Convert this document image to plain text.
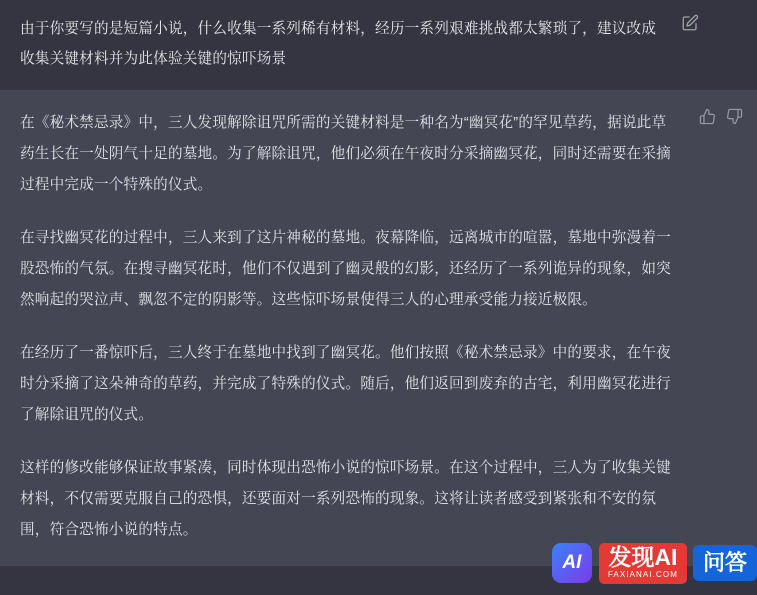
由于你要写的是短篇小说，什么收集一系列稀有材料，经历一系列艰难挑战都太繁琐了，建议改成收集关键材料并为此体验关键的惊吓场景

在《秘术禁忌录》中，三人发现解除诅咒所需的关键材料是一种名为“幽冥花”的罕见草药，据说此草药生长在一处阴气十足的墓地。为了解除诅咒，他们必须在午夜时分采摘幽冥花，同时还需要在采摘过程中完成一个特殊的仪式。

在寻找幽冥花的过程中，三人来到了这片神秘的墓地。夜幕降临，远离城市的喧嚣，墓地中弥漫着一股恐怖的气氛。在搜寻幽冥花时，他们不仅遇到了幽灵般的幻影，还经历了一系列诡异的现象，如突然响起的哭泣声、飘忽不定的阴影等。这些惊吓场景使得三人的心理承受能力接近极限。

在经历了一番惊吓后，三人终于在墓地中找到了幽冥花。他们按照《秘术禁忌录》中的要求，在午夜时分采摘了这朵神奇的草药，并完成了特殊的仪式。随后，他们返回到废弃的古宅，利用幽冥花进行了解除诅咒的仪式。

这样的修改能够保证故事紧凑，同时体现出恐怖小说的惊吓场景。在这个过程中，三人为了收集关键材料，不仅需要克服自己的恐惧，还要面对一系列恐怖的现象。这将让读者感受到紧张和不安的氛围，符合恐怖小说的特点。

AI	发现AI
FAXIANAI.COM	问答
